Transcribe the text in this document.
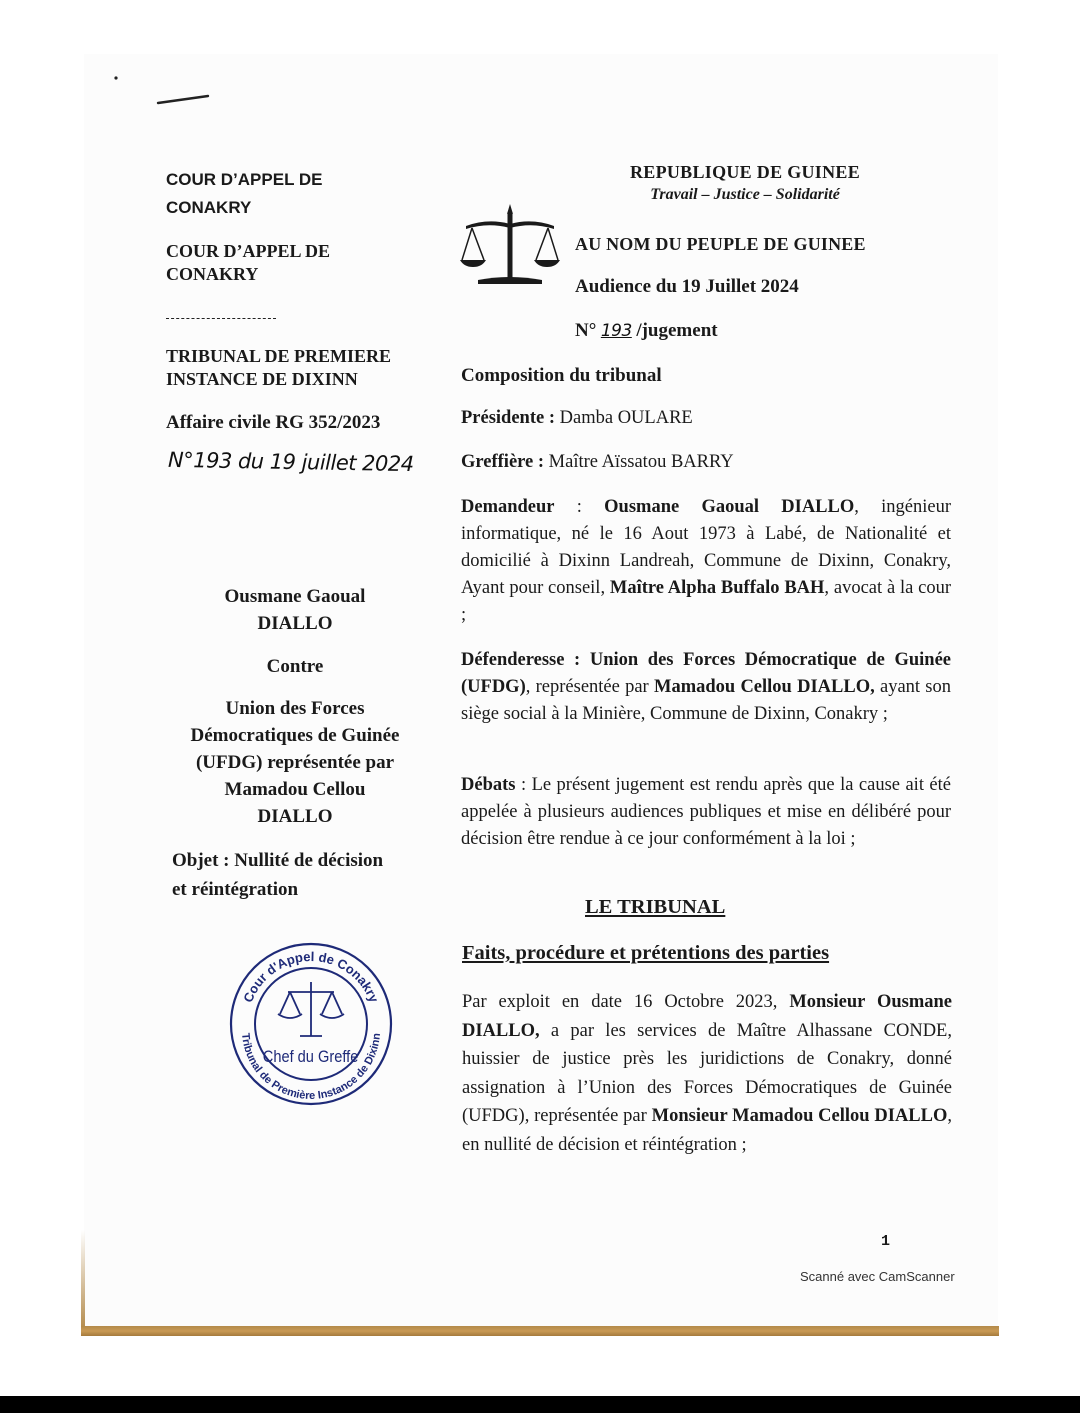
COUR D’APPEL DE
CONAKRY
COUR D’APPEL DE
CONAKRY
TRIBUNAL DE PREMIERE
INSTANCE DE DIXINN
Affaire civile RG 352/2023
N°193 du 19 juillet 2024
Ousmane Gaoual
DIALLO
Contre
Union des Forces
Démocratiques de Guinée
(UFDG) représentée par
Mamadou Cellou
DIALLO
Objet : Nullité de décision
et réintégration
Cour d'Appel de Conakry
Tribunal de Première Instance de Dixinn
Chef du Greffe
REPUBLIQUE DE GUINEE
Travail – Justice – Solidarité
AU NOM DU PEUPLE DE GUINEE
Audience du 19 Juillet 2024
N° 193 /jugement
Composition du tribunal
Présidente : Damba OULARE
Greffière : Maître Aïssatou BARRY
Demandeur : Ousmane Gaoual DIALLO, ingénieur informatique, né le 16 Aout 1973 à Labé, de Nationalité et domicilié à Dixinn Landreah, Commune de Dixinn, Conakry, Ayant pour conseil, Maître Alpha Buffalo BAH, avocat à la cour ;
Défenderesse : Union des Forces Démocratique de Guinée (UFDG), représentée par Mamadou Cellou DIALLO, ayant son siège social à la Minière, Commune de Dixinn, Conakry ;
Débats : Le présent jugement est rendu après que la cause ait été appelée à plusieurs audiences publiques et mise en délibéré pour décision être rendue à ce jour conformément à la loi ;
LE TRIBUNAL
Faits, procédure et prétentions des parties
Par exploit en date 16 Octobre 2023, Monsieur Ousmane DIALLO, a par les services de Maître Alhassane CONDE, huissier de justice près les juridictions de Conakry, donné assignation à l’Union des Forces Démocratiques de Guinée (UFDG), représentée par Monsieur Mamadou Cellou DIALLO, en nullité de décision et réintégration ;
1
Scanné avec CamScanner
